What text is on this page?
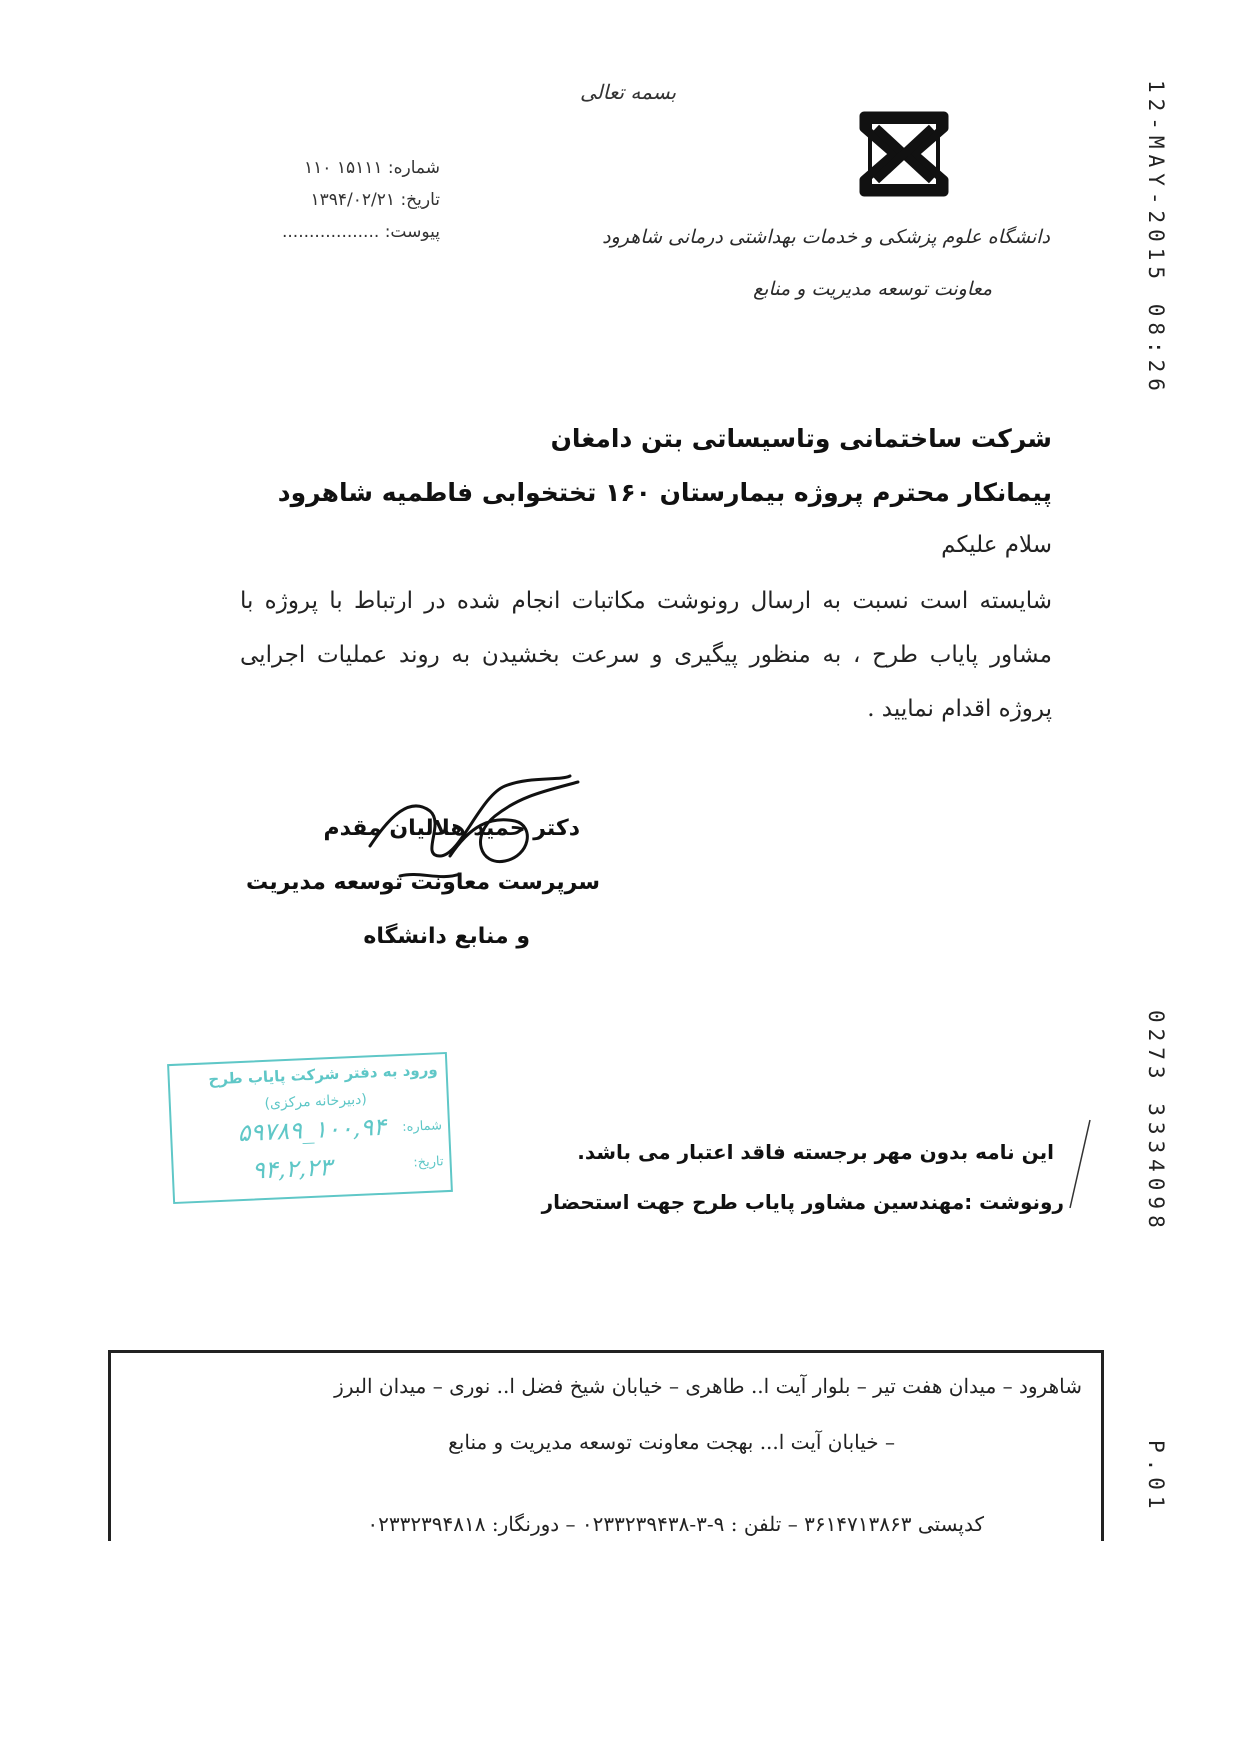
12-MAY-2015 08:26
0273 3334098
P.01
بسمه تعالی
شماره: ۱۵۱۱۱ ۱۱۰
تاریخ: ۱۳۹۴/۰۲/۲۱
پیوست: ..................	دانشگاه علوم پزشکی و خدمات بهداشتی درمانی شاهرود
معاونت توسعه مدیریت و منابع
شرکت ساختمانی وتاسیساتی بتن دامغان
پیمانکار محترم پروژه بیمارستان ۱۶۰ تختخوابی فاطمیه شاهرود
سلام علیکم
شایسته است نسبت به ارسال رونوشت مکاتبات انجام شده در ارتباط با پروژه با مشاور پایاب طرح ، به منظور پیگیری و سرعت بخشیدن به روند عملیات اجرایی پروژه اقدام نمایید .
دکتر حمید هلالیان مقدم
سرپرست معاونت توسعه مدیریت
و منابع دانشگاه
ورود به دفتر شرکت پایاب طرح
(دبیرخانه مرکزی)
شماره:
۱۰۰,۹۴_۵۹۷۸۹
تاریخ:
۹۴,۲,۲۳
این نامه بدون مهر برجسته فاقد اعتبار می باشد.
رونوشت :مهندسین مشاور پایاب طرح جهت استحضار
شاهرود – میدان هفت تیر – بلوار آیت ا.. طاهری – خیابان شیخ فضل ا.. نوری – میدان البرز
– خیابان آیت ا... بهجت معاونت توسعه مدیریت و منابع
کدپستی ۳۶۱۴۷۱۳۸۶۳ – تلفن : ۹-۳-۰۲۳۳۲۳۹۴۳۸ – دورنگار: ۰۲۳۳۲۳۹۴۸۱۸
